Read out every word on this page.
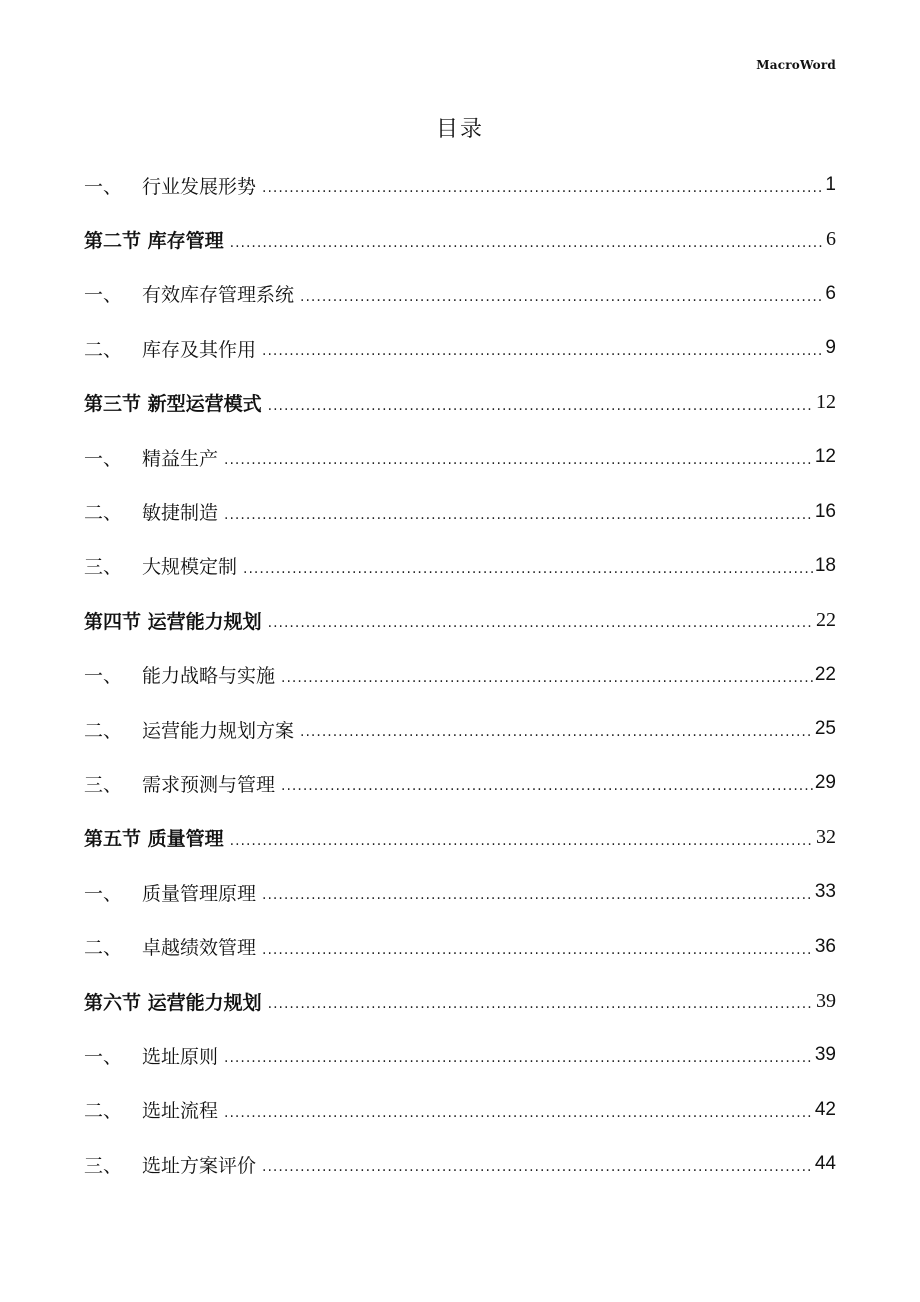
MacroWord
目录
一、	行业发展形势 .....	1
第二节 库存管理 .....	6
一、	有效库存管理系统 .....	6
二、	库存及其作用 .....	9
第三节 新型运营模式 .....	12
一、	精益生产 .....	12
二、	敏捷制造 .....	16
三、	大规模定制 .....	18
第四节 运营能力规划 .....	22
一、	能力战略与实施 .....	22
二、	运营能力规划方案 .....	25
三、	需求预测与管理 .....	29
第五节 质量管理 .....	32
一、	质量管理原理 .....	33
二、	卓越绩效管理 .....	36
第六节 运营能力规划 .....	39
一、	选址原则 .....	39
二、	选址流程 .....	42
三、	选址方案评价 .....	44
